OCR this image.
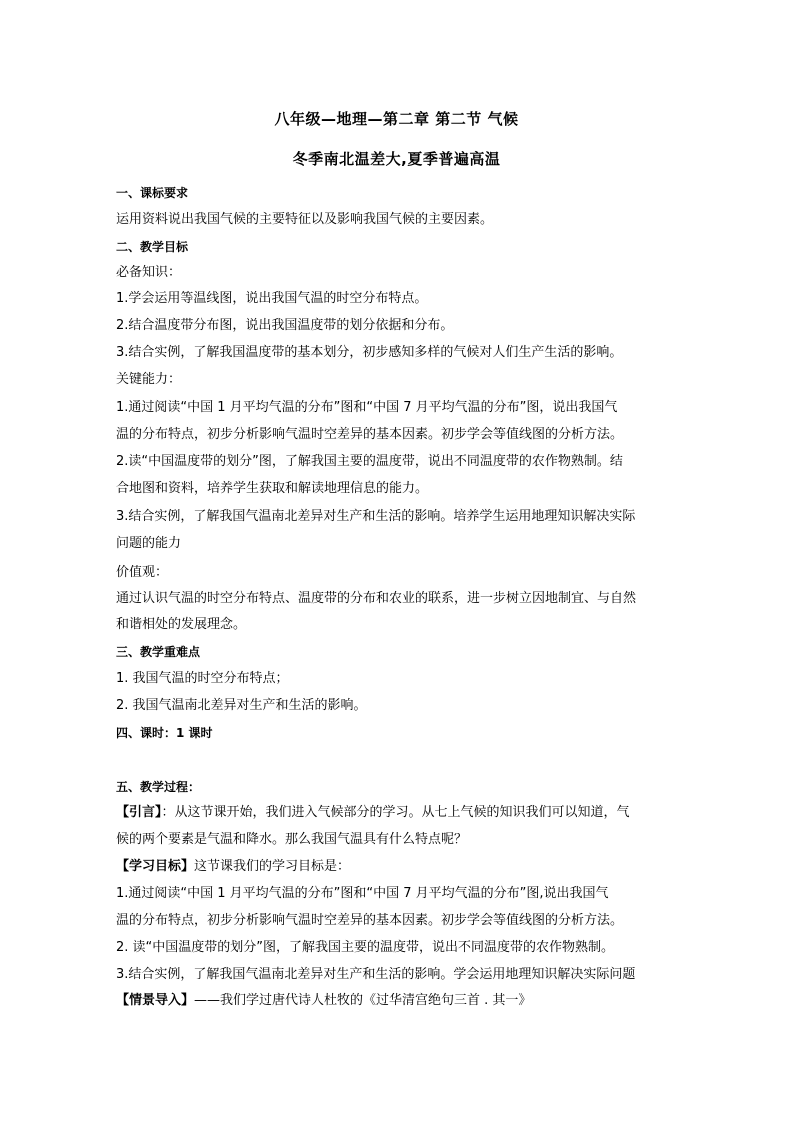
八年级—地理—第二章 第二节 气候
冬季南北温差大,夏季普遍高温
一、课标要求
运用资料说出我国气候的主要特征以及影响我国气候的主要因素。
二、教学目标
必备知识：
1.学会运用等温线图，说出我国气温的时空分布特点。
2.结合温度带分布图，说出我国温度带的划分依据和分布。
3.结合实例，了解我国温度带的基本划分，初步感知多样的气候对人们生产生活的影响。
关键能力：
1.通过阅读“中国 1 月平均气温的分布”图和“中国 7 月平均气温的分布”图，说出我国气
温的分布特点，初步分析影响气温时空差异的基本因素。初步学会等值线图的分析方法。
2.读“中国温度带的划分”图，了解我国主要的温度带，说出不同温度带的农作物熟制。结
合地图和资料，培养学生获取和解读地理信息的能力。
3.结合实例，了解我国气温南北差异对生产和生活的影响。培养学生运用地理知识解决实际
问题的能力
价值观：
通过认识气温的时空分布特点、温度带的分布和农业的联系，进一步树立因地制宜、与自然
和谐相处的发展理念。
三、教学重难点
1. 我国气温的时空分布特点；
2. 我国气温南北差异对生产和生活的影响。
四、课时：1 课时
五、教学过程：
【引言】：从这节课开始，我们进入气候部分的学习。从七上气候的知识我们可以知道，气
候的两个要素是气温和降水。那么我国气温具有什么特点呢？
【学习目标】这节课我们的学习目标是：
1.通过阅读“中国 1 月平均气温的分布”图和“中国 7 月平均气温的分布”图,说出我国气
温的分布特点，初步分析影响气温时空差异的基本因素。初步学会等值线图的分析方法。
2. 读“中国温度带的划分”图，了解我国主要的温度带，说出不同温度带的农作物熟制。
3.结合实例，了解我国气温南北差异对生产和生活的影响。学会运用地理知识解决实际问题
【情景导入】——我们学过唐代诗人杜牧的《过华清宫绝句三首 . 其一》
